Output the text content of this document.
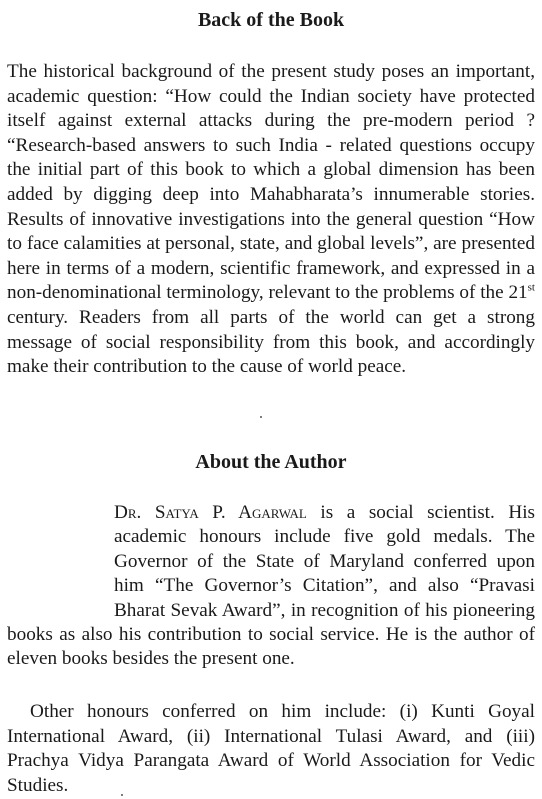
Back of the Book

The historical background of the present study poses an important, academic question: “How could the Indian society have protected itself against external attacks during the pre-modern period ? “Research-based answers to such India - related questions occupy the initial part of this book to which a global dimension has been added by digging deep into Mahabharata’s innumerable stories. Results of innovative investigations into the general question “How to face calamities at personal, state, and global levels”, are presented here in terms of a modern, scientific framework, and expressed in a non-denominational terminology, relevant to the problems of the 21st century. Readers from all parts of the world can get a strong message of social responsibility from this book, and accordingly make their contribution to the cause of world peace.

About the Author
Dr. Satya P. Agarwal is a social scientist. His academic honours include five gold medals. The Governor of the State of Maryland conferred upon him “The Governor’s Citation”, and also “Pravasi Bharat Sevak Award”, in recognition of his pioneering books as also his contribution to social service. He is the author of eleven books besides the present one.

Other honours conferred on him include: (i) Kunti Goyal International Award, (ii) International Tulasi Award, and (iii) Prachya Vidya Parangata Award of World Association for Vedic Studies.
